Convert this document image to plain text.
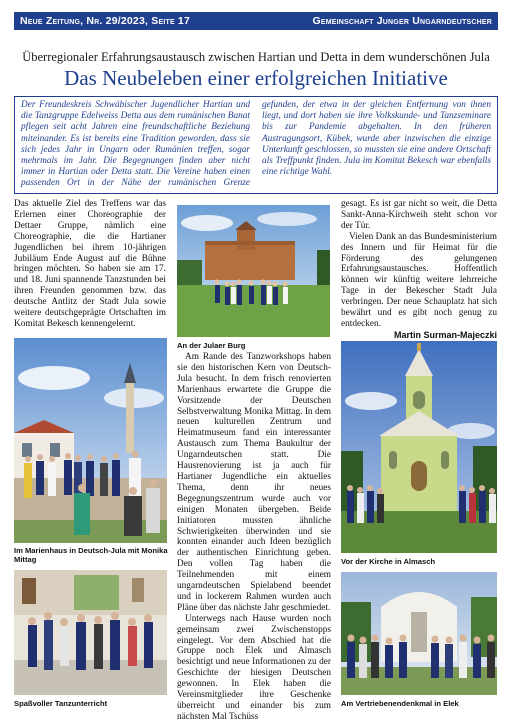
Neue Zeitung, Nr. 29/2023, Seite 17	Gemeinschaft Junger Ungarndeutscher
Überregionaler Erfahrungsaustausch zwischen Hartian und Detta in dem wunderschönen Jula
Das Neubeleben einer erfolgreichen Initiative
Der Freundeskreis Schwäbischer Jugendlicher Hartian und die Tanzgruppe Edelweiss Detta aus dem rumänischen Banat pflegen seit acht Jahren eine freundschaftliche Beziehung miteinander. Es ist bereits eine Tradition geworden, dass sie sich jedes Jahr in Ungarn oder Rumänien treffen, sogar mehrmals im Jahr. Die Begegnungen finden aber nicht immer in Hartian oder Detta statt. Die Vereine haben einen passenden Ort in der Nähe der rumänischen Grenze gefunden, der etwa in der gleichen Entfernung von ihnen liegt, und dort haben sie ihre Volkskunde- und Tanzseminare bis zur Pandemie abgehalten. In den früheren Austragungsort, Kübek, wurde aber inzwischen die einzige Unterkunft geschlossen, so mussten sie eine andere Ortschaft als Treffpunkt finden. Jula im Komitat Bekesch war ebenfalls eine richtige Wahl.

Das aktuelle Ziel des Treffens war das Erlernen einer Choreographie der Dettaer Gruppe, nämlich eine Choreographie, die die Hartianer Jugendlichen bei ihrem 10-jährigen Jubiläum Ende August auf die Bühne bringen möchten. So haben sie am 17. und 18. Juni spannende Tanzstunden bei ihren Freunden genommen bzw. das deutsche Antlitz der Stadt Jula sowie weitere deutschgeprägte Ortschaften im Komitat Bekesch kennengelernt.

An der Julaer Burg

gesagt. Es ist gar nicht so weit, die Detta Sankt-Anna-Kirchweih steht schon vor der Tür.

Vielen Dank an das Bundesministerium des Innern und für Heimat für die Förderung des gelungenen Erfahrungsaustausches. Hoffentlich können wir künftig weitere lehrreiche Tage in der Bekescher Stadt Jula verbringen. Der neue Schauplatz hat sich bewährt und es gibt noch genug zu entdecken.

Martin Surman-Majeczki
Im Marienhaus in Deutsch-Jula mit Monika Mittag

Am Rande des Tanzworkshops haben sie den historischen Kern von Deutsch-Jula besucht. In dem frisch renovierten Marienhaus erwartete die Gruppe die Vorsitzende der Deutschen Selbstverwaltung Monika Mittag. In dem neuen kulturellen Zentrum und Heimatmuseum fand ein interessanter Austausch zum Thema Baukultur der Ungarndeutschen statt. Die Hausrenovierung ist ja auch für Hartianer Jugendliche ein aktuelles Thema, denn ihr neues Begegnungszentrum wurde auch vor einigen Monaten übergeben. Beide Initiatoren mussten ähnliche Schwierigkeiten überwinden und sie konnten einander auch Ideen bezüglich der authentischen Einrichtung geben. Den vollen Tag haben die Teilnehmenden mit einem ungarndeutschen Spielabend beendet und in lockerem Rahmen wurden auch Pläne über das nächste Jahr geschmiedet.

Unterwegs nach Hause wurden noch gemeinsam zwei Zwischenstopps eingelegt. Vor dem Abschied hat die Gruppe noch Elek und Almasch besichtigt und neue Informationen zu der Geschichte der hiesigen Deutschen gewonnen. In Elek haben die Vereinsmitglieder ihre Geschenke überreicht und einander bis zum nächsten Mal Tschüss

Vor der Kirche in Almasch
Spaßvoller Tanzunterricht	Am Vertriebenendenkmal in Elek
